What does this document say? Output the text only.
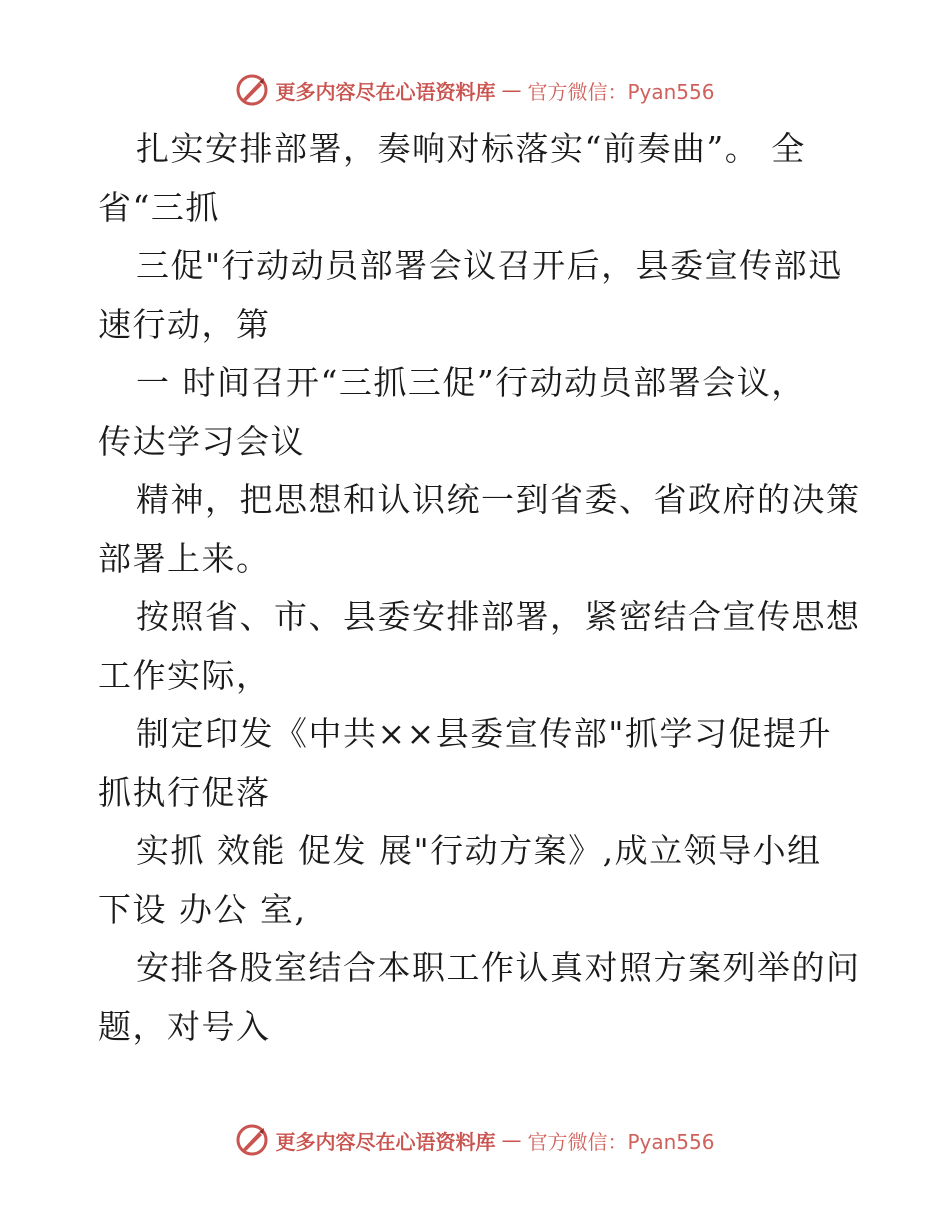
更多内容尽在心语资料库 — 官方微信：Pyan556
扎实安排部署，奏响对标落实“前奏曲”。 全
省“三抓
三促"行动动员部署会议召开后，县委宣传部迅
速行动，第
一 时间召开“三抓三促”行动动员部署会议，
传达学习会议
精神，把思想和认识统一到省委、省政府的决策
部署上来。
按照省、市、县委安排部署，紧密结合宣传思想
工作实际，
制定印发《中共××县委宣传部"抓学习促提升
抓执行促落
实抓 效能 促发 展"行动方案》,成立领导小组
下设 办公 室,
安排各股室结合本职工作认真对照方案列举的问
题，对号入
更多内容尽在心语资料库 — 官方微信：Pyan556
